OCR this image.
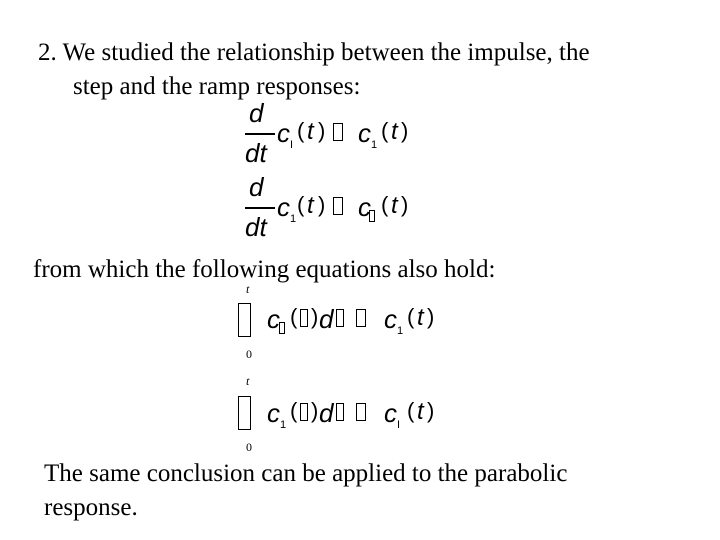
2. We studied the relationship between the impulse, the
step and the ramp responses:
d
dt
c I
( t ) c 1
( t )
d
dt
c 1
( t ) c ( t )
from which the following equations also hold:
t
0
c ( ) d c 1
( t )
t
0
c 1
( ) d c I
( t )
The same conclusion can be applied to the parabolic
response.
